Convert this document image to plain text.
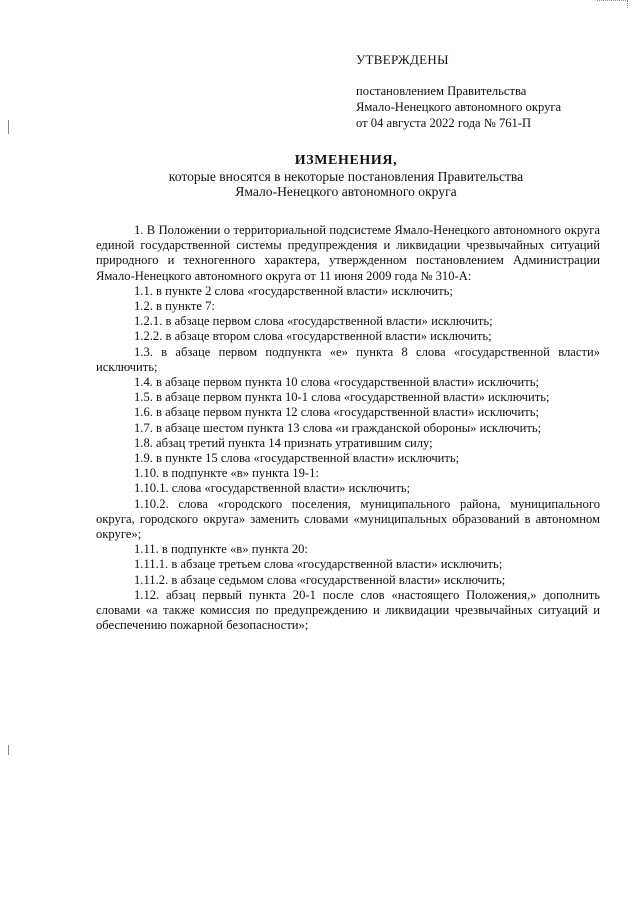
УТВЕРЖДЕНЫ
постановлением Правительства
Ямало-Ненецкого автономного округа
от 04 августа 2022 года № 761-П
ИЗМЕНЕНИЯ,
которые вносятся в некоторые постановления Правительства
Ямало-Ненецкого автономного округа

1. В Положении о территориальной подсистеме Ямало-Ненецкого автономного округа единой государственной системы предупреждения и ликвидации чрезвычайных ситуаций природного и техногенного характера, утвержденном постановлением Администрации Ямало-Ненецкого автономного округа от 11 июня 2009 года № 310-А:

1.1. в пункте 2 слова «государственной власти» исключить;

1.2. в пункте 7:

1.2.1. в абзаце первом слова «государственной власти» исключить;

1.2.2. в абзаце втором слова «государственной власти» исключить;

1.3. в абзаце первом подпункта «е» пункта 8 слова «государственной власти» исключить;

1.4. в абзаце первом пункта 10 слова «государственной власти» исключить;

1.5. в абзаце первом пункта 10-1 слова «государственной власти» исключить;

1.6. в абзаце первом пункта 12 слова «государственной власти» исключить;

1.7. в абзаце шестом пункта 13 слова «и гражданской обороны» исключить;

1.8. абзац третий пункта 14 признать утратившим силу;

1.9. в пункте 15 слова «государственной власти» исключить;

1.10. в подпункте «в» пункта 19-1:

1.10.1. слова «государственной власти» исключить;

1.10.2. слова «городского поселения, муниципального района, муниципального округа, городского округа» заменить словами «муниципальных образований в автономном округе»;

1.11. в подпункте «в» пункта 20:

1.11.1. в абзаце третьем слова «государственной власти» исключить;

1.11.2. в абзаце седьмом слова «государственной власти» исключить;

1.12. абзац первый пункта 20-1 после слов «настоящего Положения,» дополнить словами «а также комиссия по предупреждению и ликвидации чрезвычайных ситуаций и обеспечению пожарной безопасности»;
